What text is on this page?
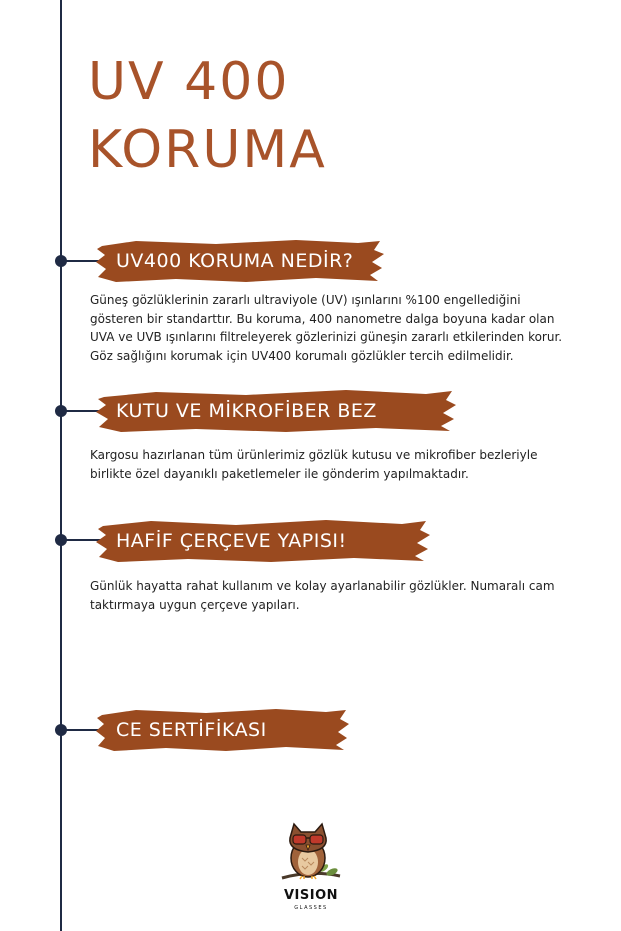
UV 400
KORUMA
UV400 KORUMA NEDİR?

Güneş gözlüklerinin zararlı ultraviyole (UV) ışınlarını %100 engellediğini gösteren bir standarttır. Bu koruma, 400 nanometre dalga boyuna kadar olan UVA ve UVB ışınlarını filtreleyerek gözlerinizi güneşin zararlı etkilerinden korur. Göz sağlığını korumak için UV400 korumalı gözlükler tercih edilmelidir.

KUTU VE MİKROFİBER BEZ

Kargosu hazırlanan tüm ürünlerimiz gözlük kutusu ve mikrofiber bezleriyle birlikte özel dayanıklı paketlemeler ile gönderim yapılmaktadır.

HAFİF ÇERÇEVE YAPISI!

Günlük hayatta rahat kullanım ve kolay ayarlanabilir gözlükler. Numaralı cam taktırmaya uygun çerçeve yapıları.

CE SERTİFİKASI
VISION
GLASSES
